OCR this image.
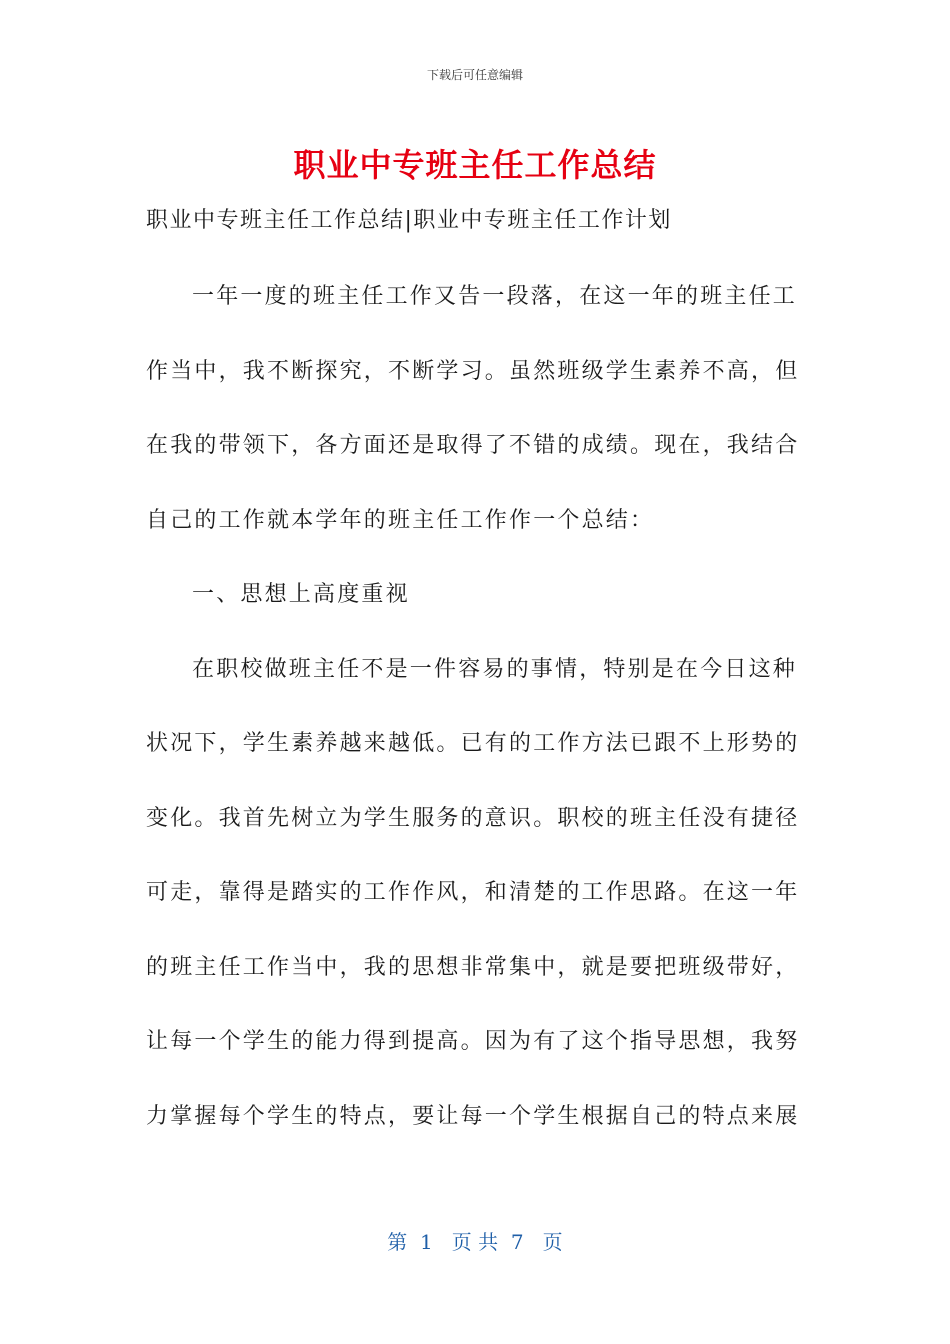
下载后可任意编辑
职业中专班主任工作总结
职业中专班主任工作总结|职业中专班主任工作计划
一年一度的班主任工作又告一段落，在这一年的班主任工
作当中，我不断探究，不断学习。虽然班级学生素养不高，但
在我的带领下，各方面还是取得了不错的成绩。现在，我结合
自己的工作就本学年的班主任工作作一个总结：
一、思想上高度重视
在职校做班主任不是一件容易的事情，特别是在今日这种
状况下，学生素养越来越低。已有的工作方法已跟不上形势的
变化。我首先树立为学生服务的意识。职校的班主任没有捷径
可走，靠得是踏实的工作作风，和清楚的工作思路。在这一年
的班主任工作当中，我的思想非常集中，就是要把班级带好，
让每一个学生的能力得到提高。因为有了这个指导思想，我努
力掌握每个学生的特点，要让每一个学生根据自己的特点来展
第  1   页 共  7   页
